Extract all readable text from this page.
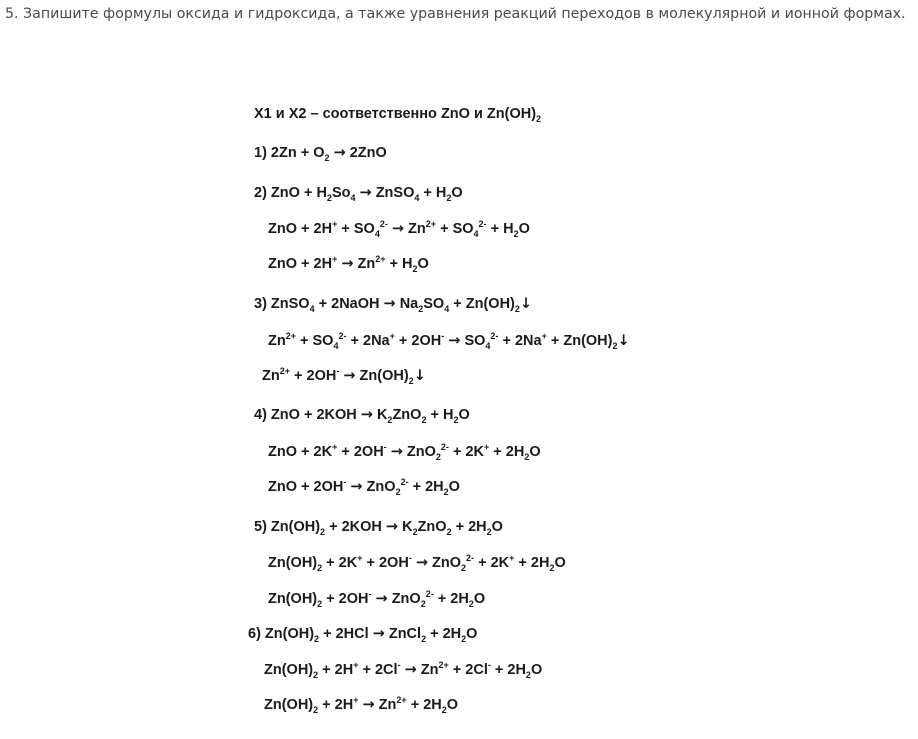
5. Запишите формулы оксида и гидроксида, а также уравнения реакций переходов в молекулярной и ионной формах.
X1 и X2 – соответственно ZnO и $Zn(OH)_2$
1) $2Zn + O_2 \to 2ZnO$
2) ZnO + $H_2So_4$ → ZnSO$_4$ + $H_2O$
ZnO + $2H^+ + SO_4^{2-} \to Zn^{2+} + SO_4^{2-} + H_2O$
ZnO + $2H^+ \to Zn^{2+} + H_2O$
3) ZnSO$_4$ + 2NaOH → $Na_2SO_4$ + $Zn(OH)_2↓$
$Zn^{2+} + SO_4^{2-} + 2Na^+ + 2OH^- \to SO_4^{2-} + 2Na^+$ + $Zn(OH)_2↓$
$Zn^{2+} + 2OH^-$ → $Zn(OH)_2↓$
4) ZnO + $2KOH \to K_2ZnO_2 + H_2O$
ZnO + $2K^+ + 2OH^- \to ZnO_2^{2-} + 2K^+ + 2H_2O$
ZnO + $2OH^- \to ZnO_2^{2-} + 2H_2O$
5) $Zn(OH)_2 + 2KOH \to K_2ZnO_2 + 2H_2O$
$Zn(OH)_2 + 2K^+ + 2OH^- \to ZnO_2^{2-} + 2K^+ + 2H_2O$
$Zn(OH)_2 + 2OH^- \to ZnO_2^{2-} + 2H_2O$
6) $Zn(OH)_2 + 2HCl$ → ZnCl$_2$ + $2H_2O$
$Zn(OH)_2 + 2H^+ + 2Cl^- \to Zn^{2+} + 2Cl^- + 2H_2O$
$Zn(OH)_2 + 2H^+ \to Zn^{2+} + 2H_2O$
